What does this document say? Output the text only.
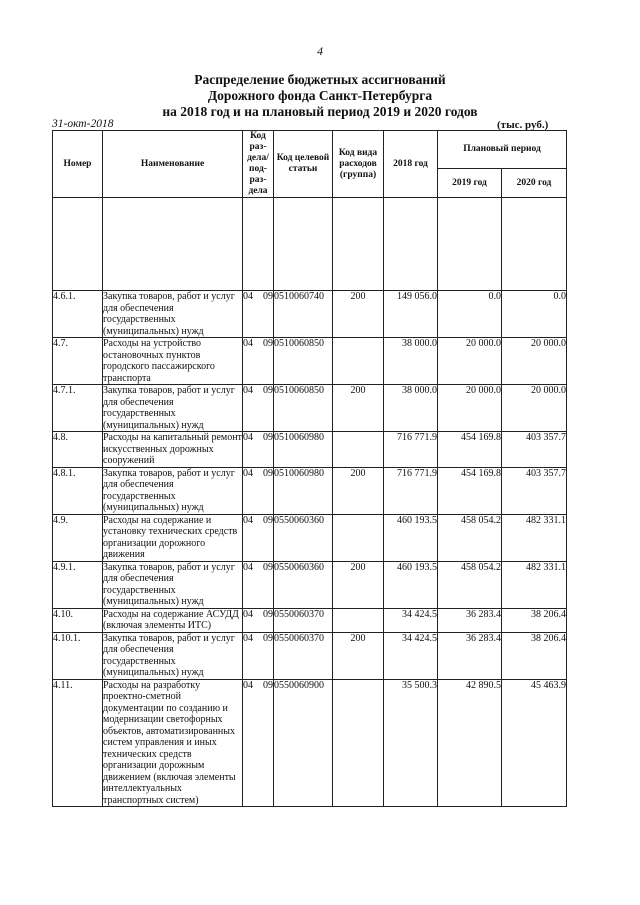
4
Распределение бюджетных ассигнований
Дорожного фонда Санкт-Петербурга
на 2018 год и на плановый период 2019 и 2020 годов
31-окт-2018	(тыс. руб.)
Номер	Наименование	Код раз-дела/ под-раз-дела	Код целевой статьи	Код вида расходов (группа)	2018 год	Плановый период	
						2019 год	2020 год

4.6.1.	Закупка товаров, работ и услуг для обеспечения государственных (муниципальных) нужд	04 09	0510060740	200	149 056.0	0.0	0.0
4.7.	Расходы на устройство остановочных пунктов городского пассажирского транспорта	04 09	0510060850		38 000.0	20 000.0	20 000.0
4.7.1.	Закупка товаров, работ и услуг для обеспечения государственных (муниципальных) нужд	04 09	0510060850	200	38 000.0	20 000.0	20 000.0
4.8.	Расходы на капитальный ремонт искусственных дорожных сооружений	04 09	0510060980		716 771.9	454 169.8	403 357.7
4.8.1.	Закупка товаров, работ и услуг для обеспечения государственных (муниципальных) нужд	04 09	0510060980	200	716 771.9	454 169.8	403 357.7
4.9.	Расходы на содержание и установку технических средств организации дорожного движения	04 09	0550060360		460 193.5	458 054.2	482 331.1
4.9.1.	Закупка товаров, работ и услуг для обеспечения государственных (муниципальных) нужд	04 09	0550060360	200	460 193.5	458 054.2	482 331.1
4.10.	Расходы на содержание АСУДД (включая элементы ИТС)	04 09	0550060370		34 424.5	36 283.4	38 206.4
4.10.1.	Закупка товаров, работ и услуг для обеспечения государственных (муниципальных) нужд	04 09	0550060370	200	34 424.5	36 283.4	38 206.4
4.11.	Расходы на разработку проектно-сметной документации по созданию и модернизации светофорных объектов, автоматизированных систем управления и иных технических средств организации дорожным движением (включая элементы интеллектуальных транспортных систем)	04 09	0550060900		35 500.3	42 890.5	45 463.9
